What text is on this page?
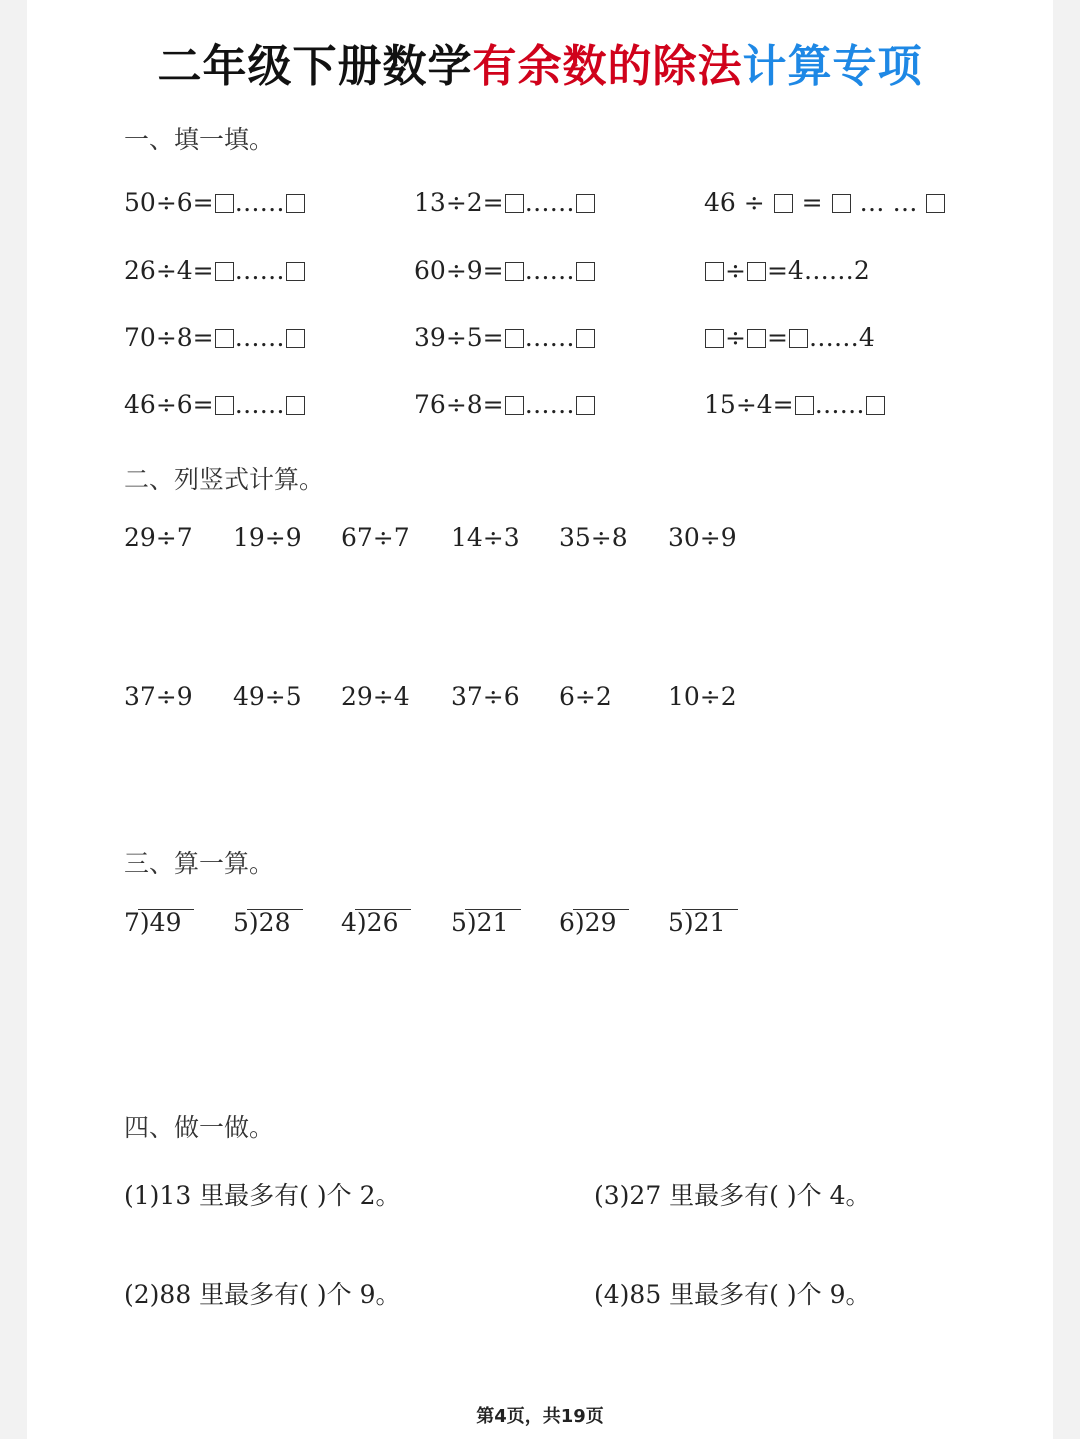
二年级下册数学有余数的除法计算专项
一、填一填。
50÷6= ……	13÷2= ……	46 ÷ = … …
26÷4= ……	60÷9= ……	÷ =4……2
70÷8= ……	39÷5= ……	÷ = ……4
46÷6= ……	76÷8= ……	15÷4= ……
二、列竖式计算。
29÷7 19÷9 67÷7 14÷3 35÷8 30÷9
37÷9 49÷5 29÷4 37÷6 6÷2 10÷2
三、算一算。
7)49 5)28 4)26 5)21 6)29 5)21
四、做一做。
(1)13 里最多有( )个 2。	(3)27 里最多有( )个 4。
(2)88 里最多有( )个 9。	(4)85 里最多有( )个 9。
第4页，共19页
